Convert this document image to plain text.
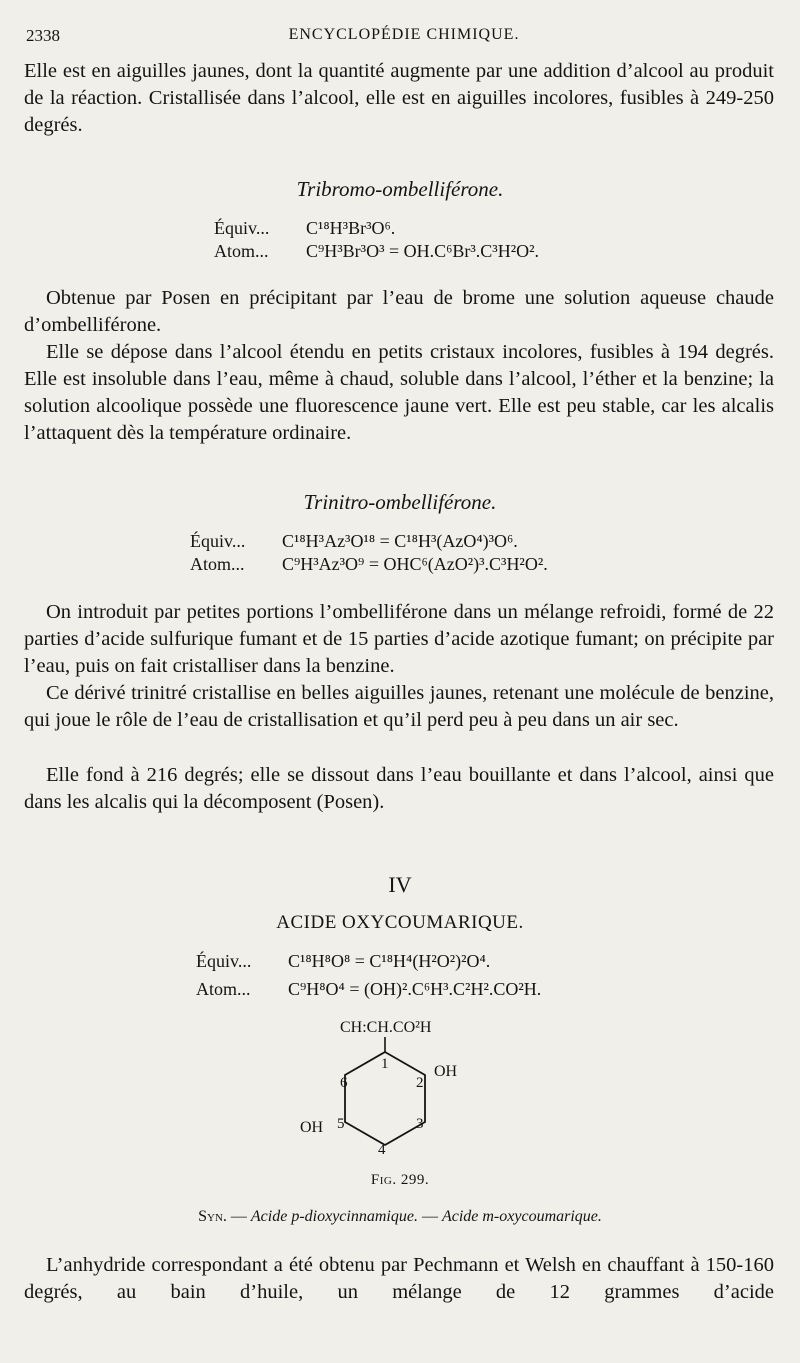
2338	ENCYCLOPÉDIE CHIMIQUE.

Elle est en aiguilles jaunes, dont la quantité augmente par une addition d’alcool au produit de la réaction. Cristallisée dans l’alcool, elle est en aiguilles incolores, fusibles à 249-250 degrés.

Tribromo-ombelliférone.
Équiv... C¹⁸H³Br³O⁶.
Atom... C⁹H³Br³O³ = OH.C⁶Br³.C³H²O².

Obtenue par Posen en précipitant par l’eau de brome une solution aqueuse chaude d’ombelliférone.

Elle se dépose dans l’alcool étendu en petits cristaux incolores, fusibles à 194 degrés. Elle est insoluble dans l’eau, même à chaud, soluble dans l’alcool, l’éther et la benzine; la solution alcoolique possède une fluorescence jaune vert. Elle est peu stable, car les alcalis l’attaquent dès la température ordinaire.

Trinitro-ombelliférone.
Équiv... C¹⁸H³Az³O¹⁸ = C¹⁸H³(AzO⁴)³O⁶.
Atom... C⁹H³Az³O⁹ = OHC⁶(AzO²)³.C³H²O².

On introduit par petites portions l’ombelliférone dans un mélange refroidi, formé de 22 parties d’acide sulfurique fumant et de 15 parties d’acide azotique fumant; on précipite par l’eau, puis on fait cristalliser dans la benzine.

Ce dérivé trinitré cristallise en belles aiguilles jaunes, retenant une molécule de benzine, qui joue le rôle de l’eau de cristallisation et qu’il perd peu à peu dans un air sec.

Elle fond à 216 degrés; elle se dissout dans l’eau bouillante et dans l’alcool, ainsi que dans les alcalis qui la décomposent (Posen).

IV
ACIDE OXYCOUMARIQUE.
Équiv... C¹⁸H⁸O⁸ = C¹⁸H⁴(H²O²)²O⁴.
Atom... C⁹H⁸O⁴ = (OH)².C⁶H³.C²H².CO²H.
CH:CH.CO²H
1
2
3
4
5
6
OH
OH
Fig. 299.
Syn. — Acide p-dioxycinnamique. — Acide m-oxycoumarique.

L’anhydride correspondant a été obtenu par Pechmann et Welsh en chauffant à 150-160 degrés, au bain d’huile, un mélange de 12 grammes d’acide
